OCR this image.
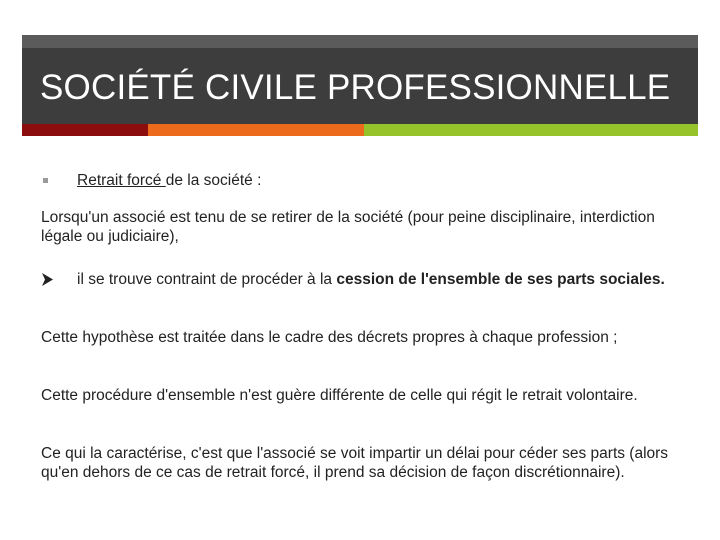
SOCIÉTÉ CIVILE PROFESSIONNELLE
Retrait forcé de la société :
Lorsqu'un associé est tenu de se retirer de la société (pour peine disciplinaire, interdiction légale ou judiciaire),
il se trouve contraint de procéder à la cession de l'ensemble de ses parts sociales.
Cette hypothèse est traitée dans le cadre des décrets propres à chaque profession ;
Cette procédure d'ensemble n'est guère différente de celle qui régit le retrait volontaire.
Ce qui la caractérise, c'est que l'associé se voit impartir un délai pour céder ses parts (alors qu'en dehors de ce cas de retrait forcé, il prend sa décision de façon discrétionnaire).
